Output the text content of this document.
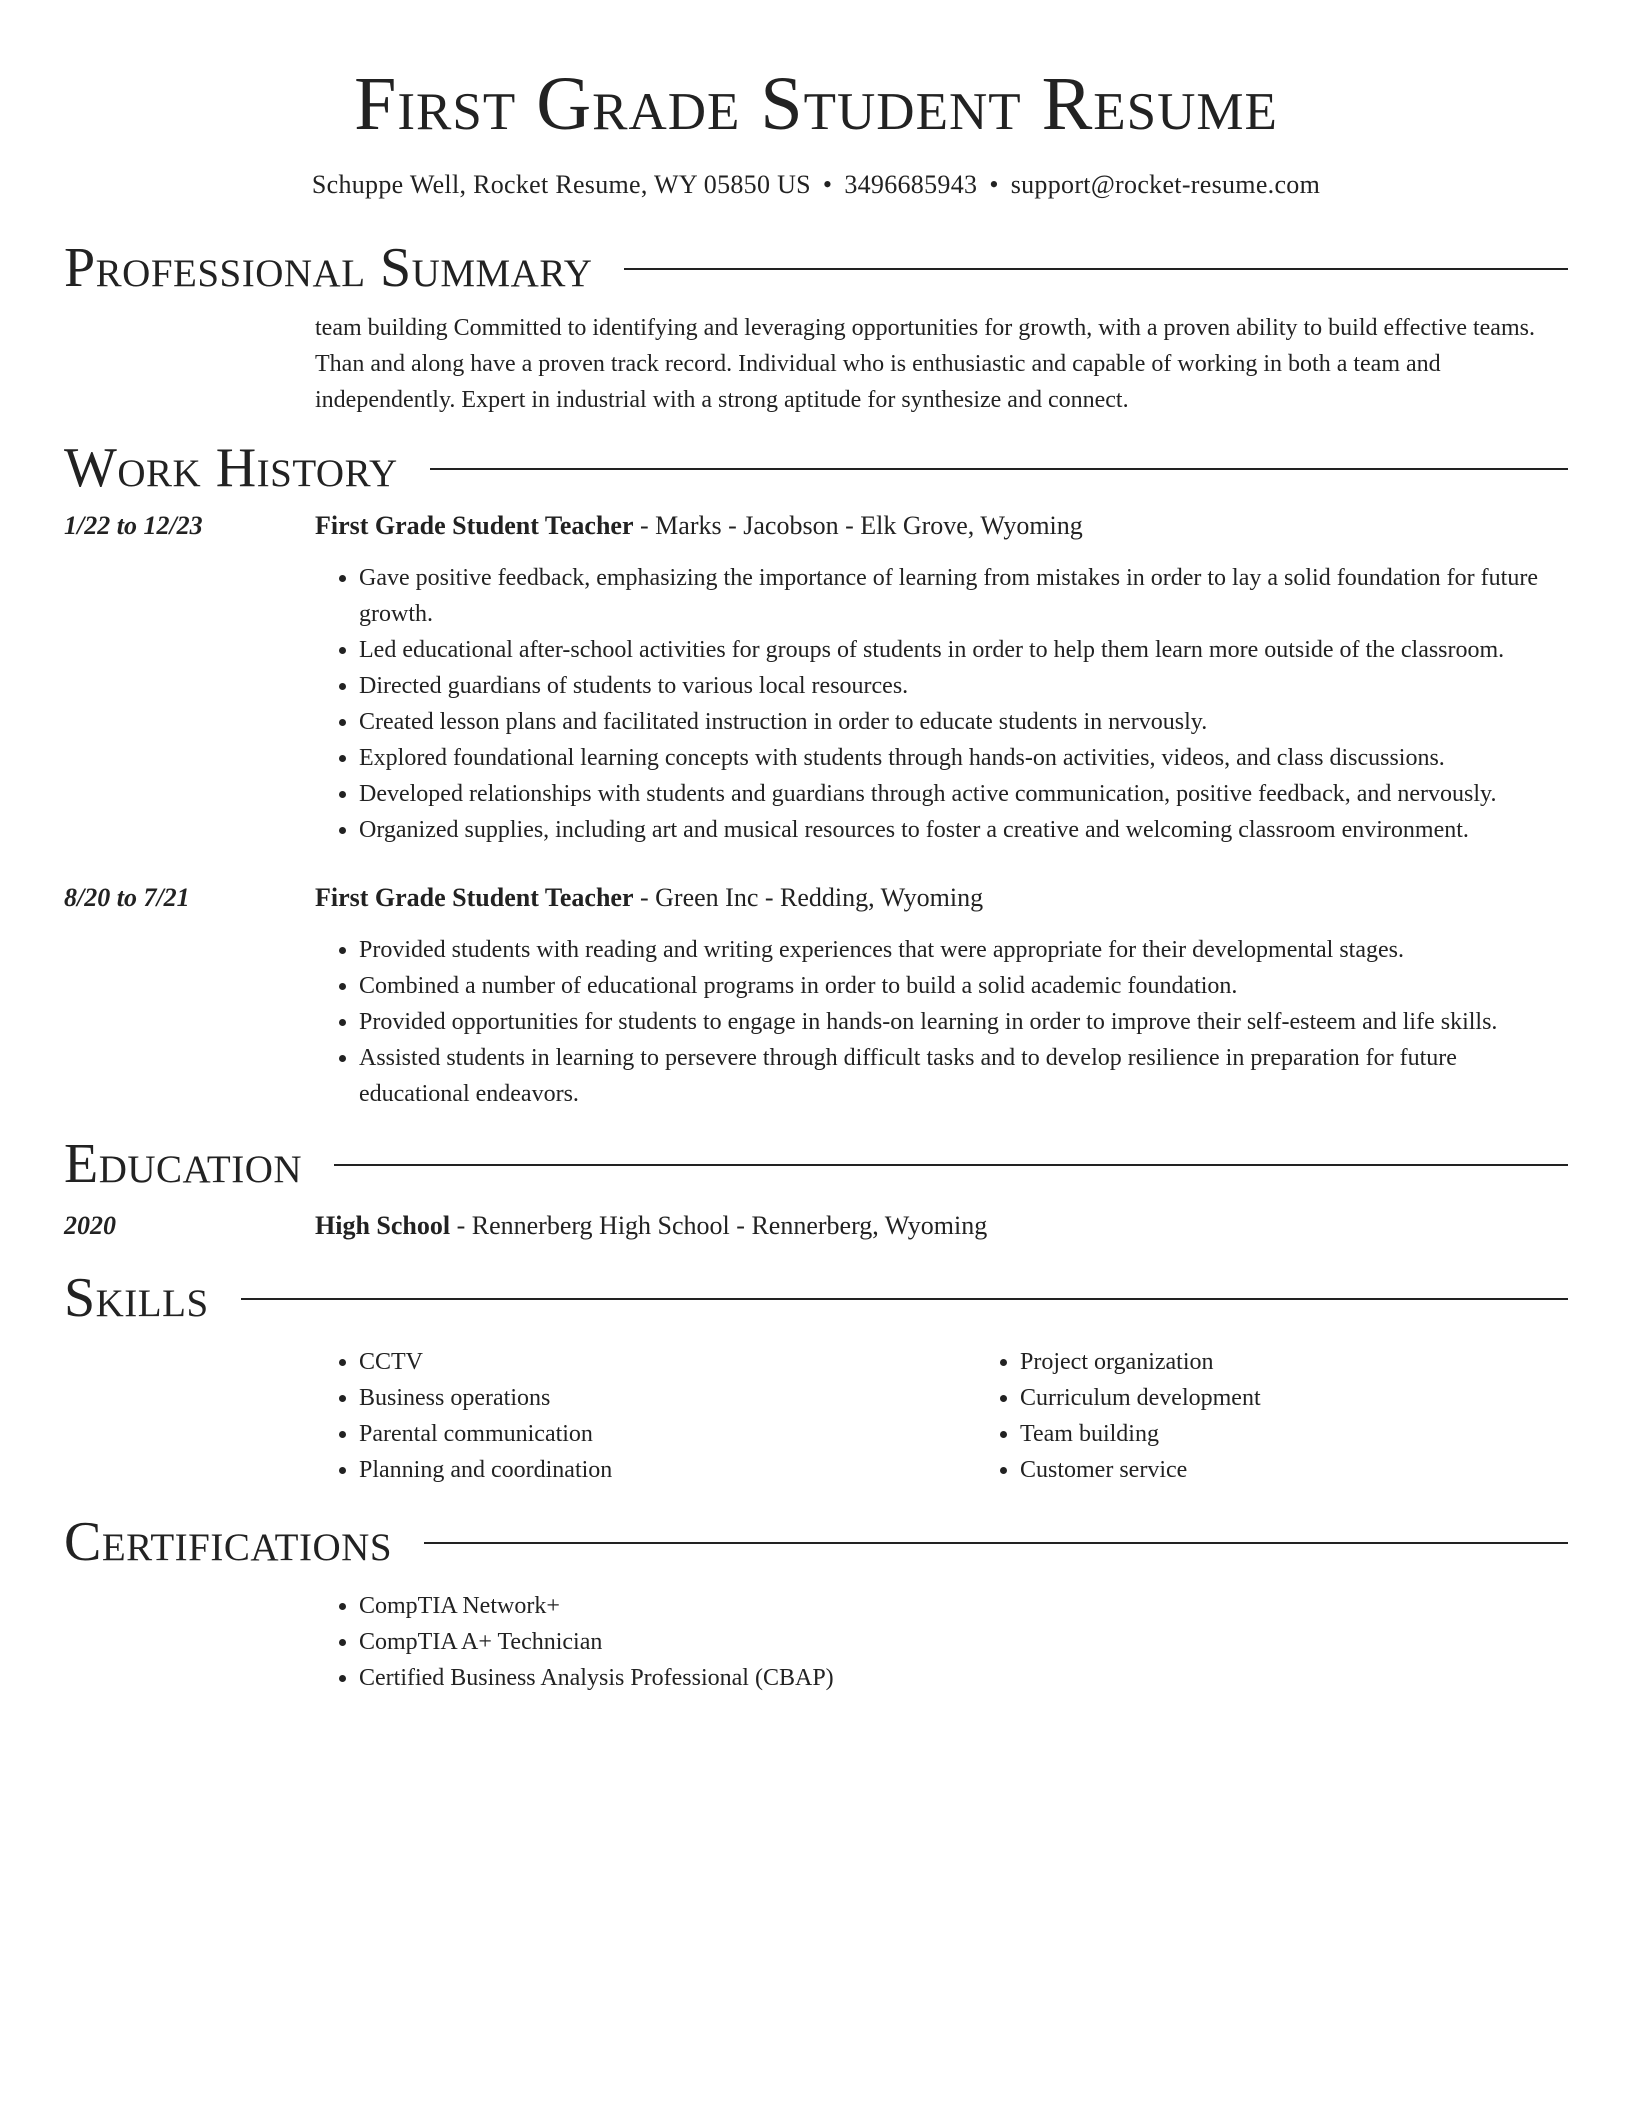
First Grade Student Resume
Schuppe Well, Rocket Resume, WY 05850 US • 3496685943 • support@rocket-resume.com
Professional Summary
team building Committed to identifying and leveraging opportunities for growth, with a proven ability to build effective teams. Than and along have a proven track record. Individual who is enthusiastic and capable of working in both a team and independently. Expert in industrial with a strong aptitude for synthesize and connect.
Work History
1/22 to 12/23	First Grade Student Teacher - Marks - Jacobson - Elk Grove, Wyoming
• Gave positive feedback, emphasizing the importance of learning from mistakes in order to lay a solid foundation for future growth.
• Led educational after-school activities for groups of students in order to help them learn more outside of the classroom.
• Directed guardians of students to various local resources.
• Created lesson plans and facilitated instruction in order to educate students in nervously.
• Explored foundational learning concepts with students through hands-on activities, videos, and class discussions.
• Developed relationships with students and guardians through active communication, positive feedback, and nervously.
• Organized supplies, including art and musical resources to foster a creative and welcoming classroom environment.
8/20 to 7/21	First Grade Student Teacher - Green Inc - Redding, Wyoming
• Provided students with reading and writing experiences that were appropriate for their developmental stages.
• Combined a number of educational programs in order to build a solid academic foundation.
• Provided opportunities for students to engage in hands-on learning in order to improve their self-esteem and life skills.
• Assisted students in learning to persevere through difficult tasks and to develop resilience in preparation for future educational endeavors.
Education
2020	High School - Rennerberg High School - Rennerberg, Wyoming
Skills
• CCTV
• Business operations
• Parental communication
• Planning and coordination
• Project organization
• Curriculum development
• Team building
• Customer service
Certifications
• CompTIA Network+
• CompTIA A+ Technician
• Certified Business Analysis Professional (CBAP)
